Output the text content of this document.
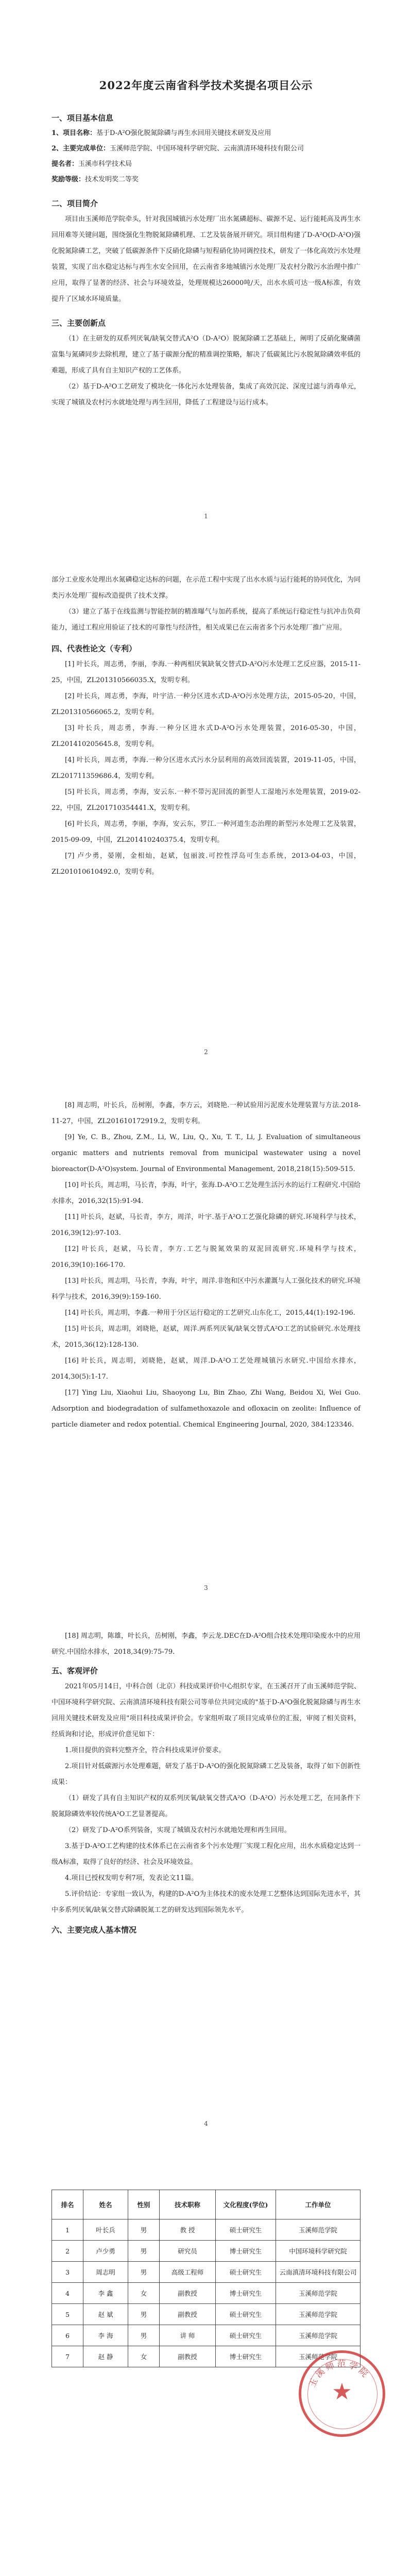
2022年度云南省科学技术奖提名项目公示

一、项目基本信息

1、项目名称：基于D-A²O强化脱氮除磷与再生水回用关键技术研发及应用

2、主要完成单位：玉溪师范学院、中国环境科学研究院、云南滇清环境科技有限公司

提名者：玉溪市科学技术局

奖励等级：技术发明奖二等奖

二、项目简介

项目由玉溪师范学院牵头，针对我国城镇污水处理厂出水氮磷超标、碳源不足、运行能耗高及再生水回用难等关键问题，围绕强化生物脱氮除磷机理、工艺及装备展开研究。项目组构建了D-A²O(D-A²O)强化脱氮除磷工艺，突破了低碳源条件下反硝化除磷与短程硝化协同调控技术，研发了一体化高效污水处理装置，实现了出水稳定达标与再生水安全回用，在云南省多地城镇污水处理厂及农村分散污水治理中推广应用，取得了显著的经济、社会与环境效益，处理规模达26000吨/天，出水水质可达一级A标准，有效提升了区域水环境质量。

三、主要创新点

（1）在主研发的双系列厌氧/缺氧交替式A²O（D-A²O）脱氮除磷工艺基础上，阐明了反硝化聚磷菌富集与氮磷同步去除机理，建立了基于碳源分配的精准调控策略，解决了低碳氮比污水脱氮除磷效率低的难题，形成了具有自主知识产权的工艺体系。

（2）基于D-A²O工艺研发了模块化一体化污水处理装备，集成了高效沉淀、深度过滤与消毒单元，实现了城镇及农村污水就地处理与再生回用，降低了工程建设与运行成本。

1

部分工业废水处理出水氮磷稳定达标的问题，在示范工程中实现了出水水质与运行能耗的协同优化，为同类污水处理厂提标改造提供了技术支撑。

（3）建立了基于在线监测与智能控制的精准曝气与加药系统，提高了系统运行稳定性与抗冲击负荷能力，通过工程应用验证了技术的可靠性与经济性，相关成果已在云南省多个污水处理厂推广应用。

四、代表性论文（专利）

[1] 叶长兵，周志勇，李丽，李海.一种两相厌氧缺氧交替式D-A²O污水处理工艺反应器，2015-11-25，中国，ZL201310566035.X，发明专利。

[2] 叶长兵，周志勇，李海，叶宇洁.一种分区进水式D-A²O污水处理方法，2015-05-20，中国，ZL201310566065.2，发明专利。

[3] 叶长兵，周志勇，李海.一种分区进水式D-A²O污水处理装置，2016-05-30，中国，ZL201410205645.8，发明专利。

[4] 叶长兵，周志勇，李海.一种分区进水式污水分层利用的高效回流装置，2019-11-05，中国，ZL201711359686.4，发明专利。

[5] 叶长兵，周志勇，李海，安云东.一种不带污泥回流的新型人工湿地污水处理装置，2019-02-22，中国，ZL201710354441.X，发明专利。

[6] 叶长兵，周志勇，李丽，李海，安云东，罗江.一种河道生态治理的新型污水处理工艺及装置，2015-09-09，中国，ZL201410240375.4，发明专利。

[7] 卢少勇，晏刚，金相灿，赵斌，包丽波.可控性浮岛可生态系统，2013-04-03，中国，ZL201010610492.0，发明专利。

2

[8] 周志明，叶长兵，岳树刚，李鑫，李方云，刘晓艳.一种试验用污泥废水处理装置与方法.2018-11-27，中国，ZL201610172919.2，发明专利。

[9] Ye, C. B., Zhou, Z.M., Li, W., Liu, Q., Xu, T. T., Li, J. Evaluation of simultaneous organic matters and nutrients removal from municipal wastewater using a novel bioreactor(D-A²O)system. Journal of Environmental Management, 2018,218(15):509-515.

[10] 叶长兵，周志明，马长青，李海，叶宇，张海.D-A²O工艺处理生活污水的运行工程研究.中国给水排水，2016,32(15):91-94.

[11] 叶长兵，赵斌，马长青，李方，周洋，叶宇.基于A²O工艺强化除磷的研究.环境科学与技术，2016,39(12):97-103.

[12] 叶长兵，赵斌，马长青，李方.工艺与脱氮效果的双泥回流研究.环境科学与技术，2016,39(10):166-170.

[13] 叶长兵，周志明，马长青，李海，叶宇，周洋.非饱和区中污水灌溉与人工强化技术的研究.环境科学与技术，2016,39(9):159-160.

[14] 叶长兵，周志明，李鑫.一种用于分区运行稳定的工艺研究.山东化工，2015,44(1):192-196.

[15] 叶长兵，周志明，刘晓艳，赵斌，周洋.两系列厌氧/缺氧交替式A²O工艺的试验研究.水处理技术，2015,36(12):128-130.

[16] 叶长兵，周志明，刘晓艳，赵斌，周洋.D-A²O工艺处理城镇污水研究.中国给水排水，2014,30(5):1-17.

[17] Ying Liu, Xiaohui Liu, Shaoyong Lu, Bin Zhao, Zhi Wang, Beidou Xi, Wei Guo. Adsorption and biodegradation of sulfamethoxazole and ofloxacin on zeolite: Influence of particle diameter and redox potential. Chemical Engineering Journal, 2020, 384:123346.

3

[18] 周志明，陈雄，叶长兵，岳树刚，李鑫，李云龙.DEC在D-A²O组合技术处理印染废水中的应用研究.中国给水排水，2018,34(9):75-79.

五、客观评价

2021年05月14日，中科合创（北京）科技成果评价中心组织专家，在玉溪召开了由玉溪师范学院、中国环境科学研究院、云南滇清环境科技有限公司等单位共同完成的"基于D-A²O强化脱氮除磷与再生水回用关键技术研发及应用"项目科技成果评价会。专家组听取了项目完成单位的汇报，审阅了相关资料，经质询和讨论，形成评价意见如下：

1.项目提供的资料完整齐全，符合科技成果评价要求。

2.项目针对低碳源污水处理难题，研发了基于D-A²O的强化脱氮除磷工艺及装备，取得了如下创新性成果：

（1）研发了具有自主知识产权的双系列厌氧/缺氧交替式A²O（D-A²O）污水处理工艺，在同条件下脱氮除磷效率较传统A²O工艺显著提高。

（2）研发了D-A²O系列装备，实现了城镇及农村污水就地处理和再生回用。

3.基于D-A²O工艺构建的技术体系已在云南省多个污水处理厂实现工程化应用，出水水质稳定达到一级A标准，取得了良好的经济、社会及环境效益。

4.项目已授权发明专利7项，发表论文11篇。

5.评价结论：专家组一致认为，构建的D-A²O为主体技术的废水处理工艺整体达到国际先进水平，其中多系列厌氧/缺氧交替式除磷脱氮工艺的研发达到国际领先水平。

六、主要完成人基本情况

4
排名	姓名	性别	技术职称	文化程度(学位)	工作单位
1	叶长兵	男	教 授	硕士研究生	玉溪师范学院
2	卢少勇	男	研究员	博士研究生	中国环境科学研究院
3	周志明	男	高级工程师	硕士研究生	云南滇清环境科技有限公司
4	李 鑫	女	副教授	博士研究生	玉溪师范学院
5	赵 斌	男	副教授	硕士研究生	玉溪师范学院
6	李 海	男	讲 师	硕士研究生	玉溪师范学院
7	赵 静	女	副教授	博士研究生	玉溪师范学院
玉溪师范学院
★
